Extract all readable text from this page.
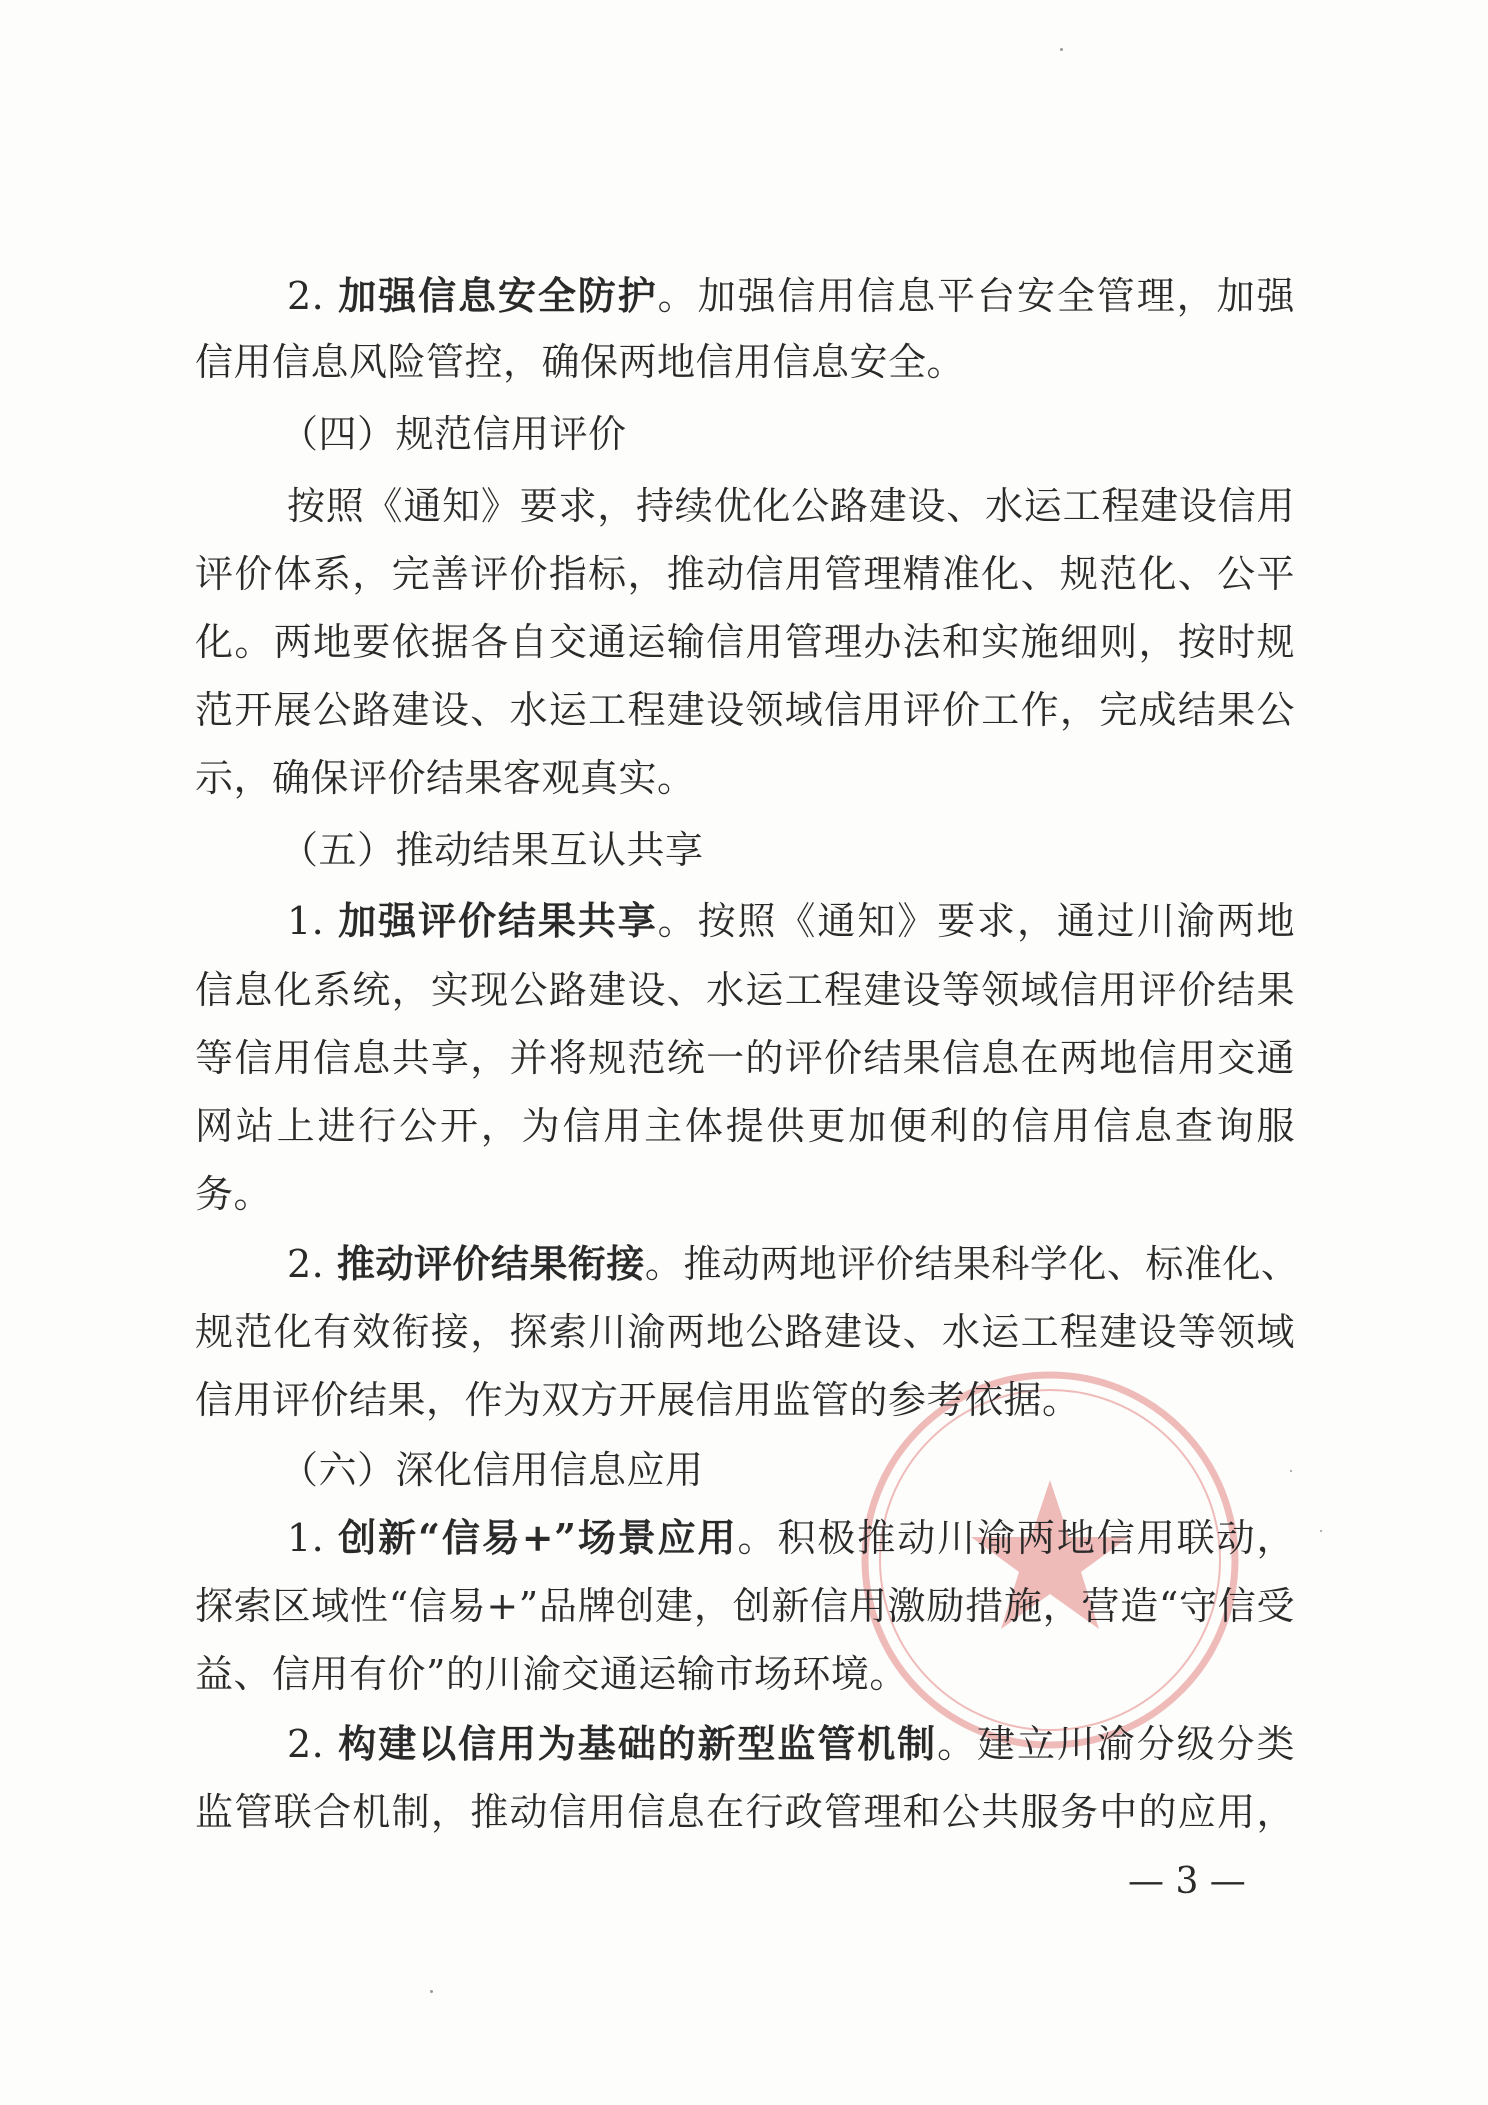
2. 加强信息安全防护。加强信用信息平台安全管理，加强
信用信息风险管控，确保两地信用信息安全。
（四）规范信用评价
按照《通知》要求，持续优化公路建设、水运工程建设信用
评价体系，完善评价指标，推动信用管理精准化、规范化、公平
化。两地要依据各自交通运输信用管理办法和实施细则，按时规
范开展公路建设、水运工程建设领域信用评价工作，完成结果公
示，确保评价结果客观真实。
（五）推动结果互认共享
1. 加强评价结果共享。按照《通知》要求，通过川渝两地
信息化系统，实现公路建设、水运工程建设等领域信用评价结果
等信用信息共享，并将规范统一的评价结果信息在两地信用交通
网站上进行公开，为信用主体提供更加便利的信用信息查询服
务。
2. 推动评价结果衔接。推动两地评价结果科学化、标准化、
规范化有效衔接，探索川渝两地公路建设、水运工程建设等领域
信用评价结果，作为双方开展信用监管的参考依据。
（六）深化信用信息应用
1. 创新“信易+”场景应用。积极推动川渝两地信用联动，
探索区域性“信易+”品牌创建，创新信用激励措施，营造“守信受
益、信用有价”的川渝交通运输市场环境。
2. 构建以信用为基础的新型监管机制。建立川渝分级分类
监管联合机制，推动信用信息在行政管理和公共服务中的应用，
— 3 —
